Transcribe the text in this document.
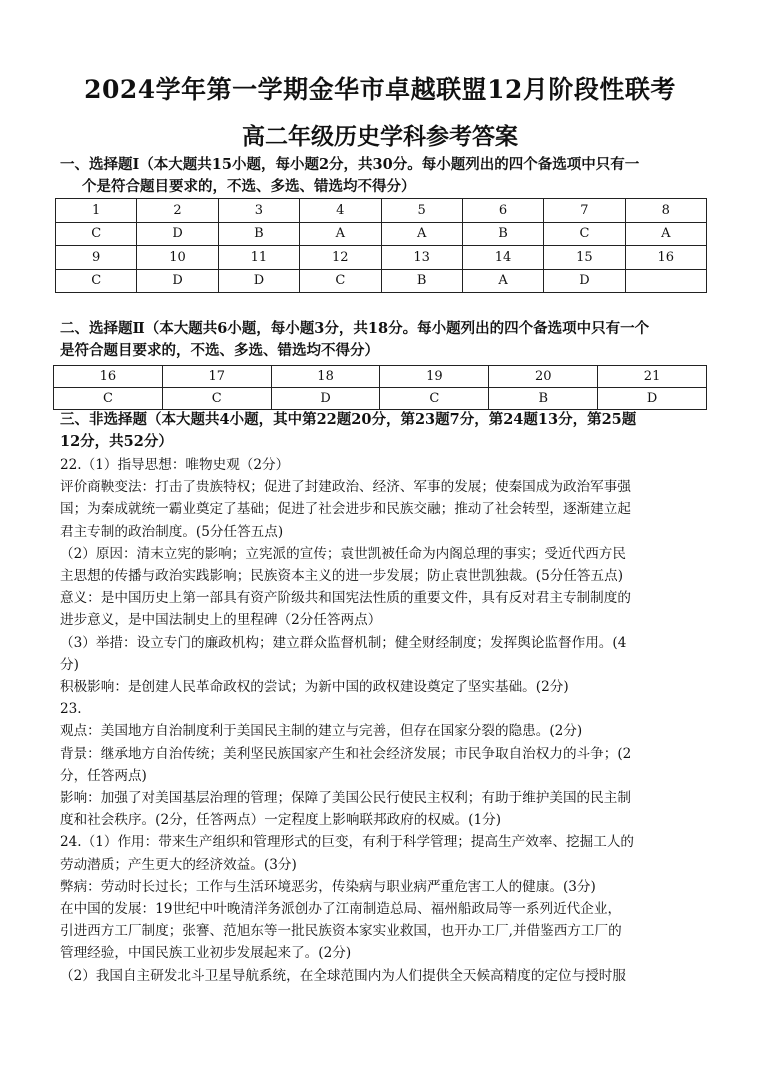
2024学年第一学期金华市卓越联盟12月阶段性联考
高二年级历史学科参考答案
一、选择题Ⅰ（本大题共15小题，每小题2分，共30分。每小题列出的四个备选项中只有一
个是符合题目要求的，不选、多选、错选均不得分）
1	2	3	4	5	6	7	8
C	D	B	A	A	B	C	A
9	10	11	12	13	14	15	16
C	D	D	C	B	A	D	
二、选择题Ⅱ（本大题共6小题，每小题3分，共18分。每小题列出的四个备选项中只有一个
是符合题目要求的，不选、多选、错选均不得分）
16	17	18	19	20	21
C	C	D	C	B	D
三、非选择题（本大题共4小题，其中第22题20分，第23题7分，第24题13分，第25题
12分，共52分）

22.（1）指导思想：唯物史观（2分）

评价商鞅变法：打击了贵族特权；促进了封建政治、经济、军事的发展；使秦国成为政治军事强

国；为秦成就统一霸业奠定了基础；促进了社会进步和民族交融；推动了社会转型，逐渐建立起

君主专制的政治制度。(5分任答五点)

（2）原因：清末立宪的影响；立宪派的宣传；袁世凯被任命为内阁总理的事实；受近代西方民

主思想的传播与政治实践影响；民族资本主义的进一步发展；防止袁世凯独裁。(5分任答五点)

意义：是中国历史上第一部具有资产阶级共和国宪法性质的重要文件，具有反对君主专制制度的

进步意义，是中国法制史上的里程碑（2分任答两点）

（3）举措：设立专门的廉政机构；建立群众监督机制；健全财经制度；发挥舆论监督作用。(4

分)

积极影响：是创建人民革命政权的尝试；为新中国的政权建设奠定了坚实基础。(2分)

23.

观点：美国地方自治制度利于美国民主制的建立与完善，但存在国家分裂的隐患。(2分)

背景：继承地方自治传统；美利坚民族国家产生和社会经济发展；市民争取自治权力的斗争；(2

分，任答两点)

影响：加强了对美国基层治理的管理；保障了美国公民行使民主权利；有助于维护美国的民主制

度和社会秩序。(2分，任答两点）一定程度上影响联邦政府的权威。(1分)

24.（1）作用：带来生产组织和管理形式的巨变，有利于科学管理；提高生产效率、挖掘工人的

劳动潜质；产生更大的经济效益。(3分)

弊病：劳动时长过长；工作与生活环境恶劣，传染病与职业病严重危害工人的健康。(3分)

在中国的发展：19世纪中叶晚清洋务派创办了江南制造总局、福州船政局等一系列近代企业，

引进西方工厂制度；张謇、范旭东等一批民族资本家实业救国，也开办工厂,并借鉴西方工厂的

管理经验，中国民族工业初步发展起来了。(2分)

（2）我国自主研发北斗卫星导航系统，在全球范围内为人们提供全天候高精度的定位与授时服
